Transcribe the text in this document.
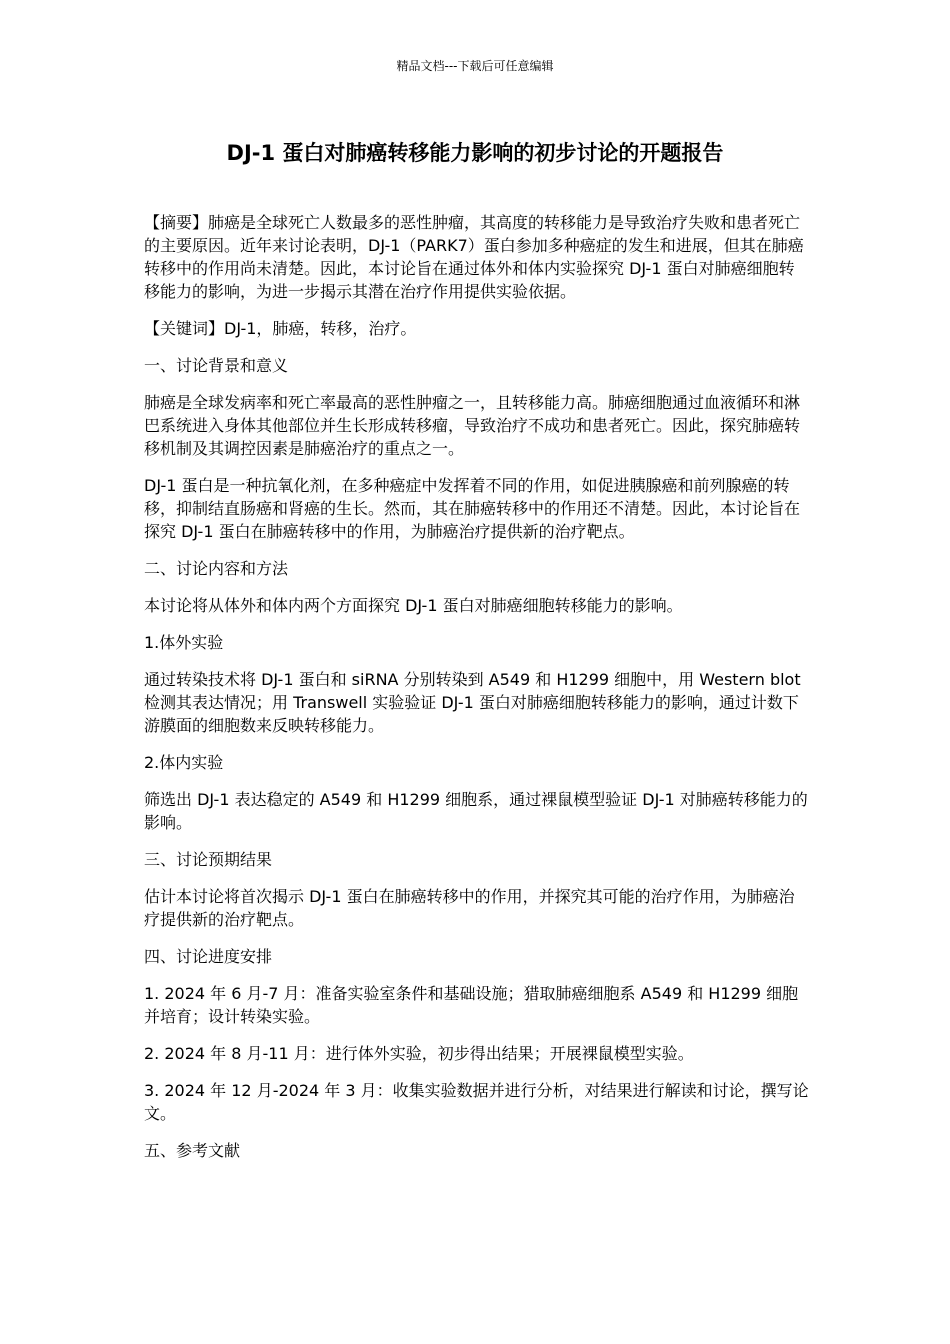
精品文档---下载后可任意编辑
DJ-1 蛋白对肺癌转移能力影响的初步讨论的开题报告

【摘要】肺癌是全球死亡人数最多的恶性肿瘤，其高度的转移能力是导致治疗失败和患者死亡的主要原因。近年来讨论表明，DJ-1（PARK7）蛋白参加多种癌症的发生和进展，但其在肺癌转移中的作用尚未清楚。因此，本讨论旨在通过体外和体内实验探究 DJ-1 蛋白对肺癌细胞转移能力的影响，为进一步揭示其潜在治疗作用提供实验依据。

【关键词】DJ-1，肺癌，转移，治疗。

一、讨论背景和意义

肺癌是全球发病率和死亡率最高的恶性肿瘤之一，且转移能力高。肺癌细胞通过血液循环和淋巴系统进入身体其他部位并生长形成转移瘤，导致治疗不成功和患者死亡。因此，探究肺癌转移机制及其调控因素是肺癌治疗的重点之一。

DJ-1 蛋白是一种抗氧化剂，在多种癌症中发挥着不同的作用，如促进胰腺癌和前列腺癌的转移，抑制结直肠癌和肾癌的生长。然而，其在肺癌转移中的作用还不清楚。因此，本讨论旨在探究 DJ-1 蛋白在肺癌转移中的作用，为肺癌治疗提供新的治疗靶点。

二、讨论内容和方法

本讨论将从体外和体内两个方面探究 DJ-1 蛋白对肺癌细胞转移能力的影响。

1.体外实验

通过转染技术将 DJ-1 蛋白和 siRNA 分别转染到 A549 和 H1299 细胞中，用 Western blot 检测其表达情况；用 Transwell 实验验证 DJ-1 蛋白对肺癌细胞转移能力的影响，通过计数下游膜面的细胞数来反映转移能力。

2.体内实验

筛选出 DJ-1 表达稳定的 A549 和 H1299 细胞系，通过裸鼠模型验证 DJ-1 对肺癌转移能力的影响。

三、讨论预期结果

估计本讨论将首次揭示 DJ-1 蛋白在肺癌转移中的作用，并探究其可能的治疗作用，为肺癌治疗提供新的治疗靶点。

四、讨论进度安排

1. 2024 年 6 月-7 月：准备实验室条件和基础设施；猎取肺癌细胞系 A549 和 H1299 细胞并培育；设计转染实验。

2. 2024 年 8 月-11 月：进行体外实验，初步得出结果；开展裸鼠模型实验。

3. 2024 年 12 月-2024 年 3 月：收集实验数据并进行分析，对结果进行解读和讨论，撰写论文。

五、参考文献
